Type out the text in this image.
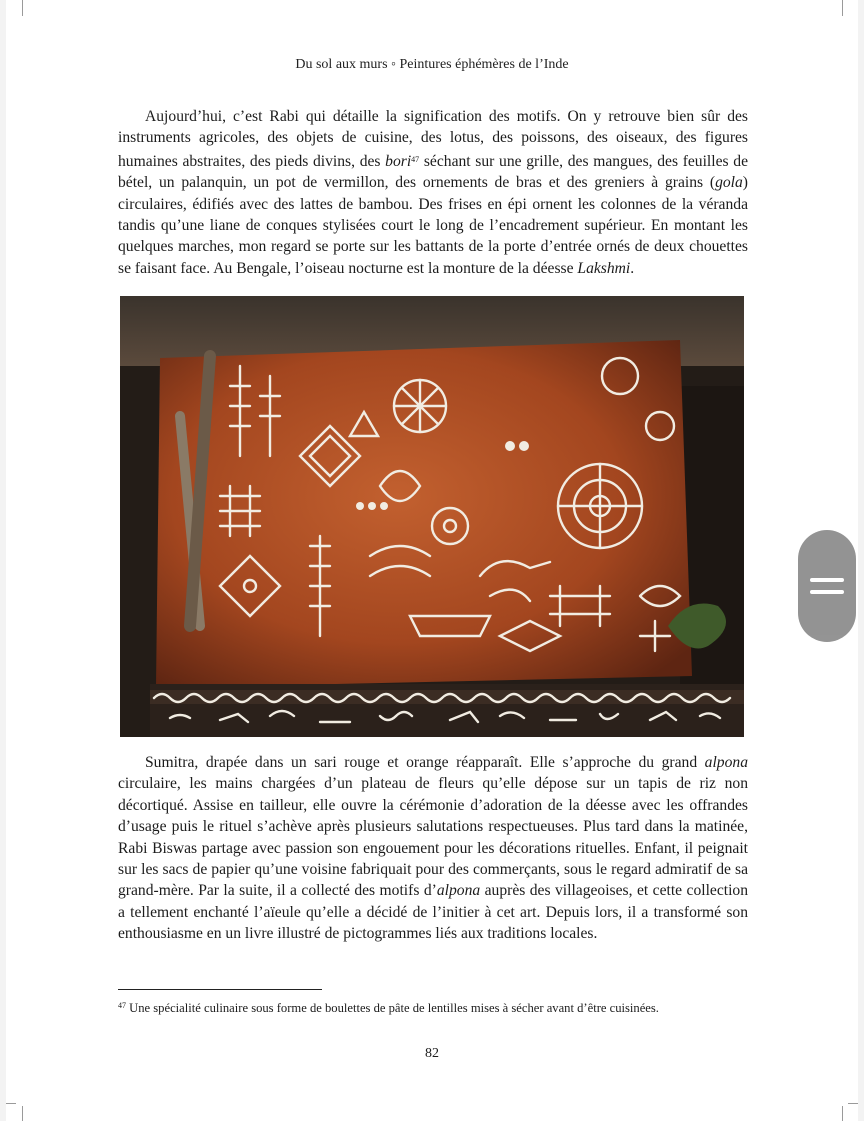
Du sol aux murs ◦ Peintures éphémères de l’Inde

Aujourd’hui, c’est Rabi qui détaille la signification des motifs. On y retrouve bien sûr des instruments agricoles, des objets de cuisine, des lotus, des poissons, des oiseaux, des figures humaines abstraites, des pieds divins, des bori$^{47}$ séchant sur une grille, des mangues, des feuilles de bétel, un palanquin, un pot de vermillon, des ornements de bras et des greniers à grains (gola) circulaires, édifiés avec des lattes de bambou. Des frises en épi ornent les colonnes de la véranda tandis qu’une liane de conques stylisées court le long de l’encadrement supérieur. En montant les quelques marches, mon regard se porte sur les battants de la porte d’entrée ornés de deux chouettes se faisant face. Au Bengale, l’oiseau nocturne est la monture de la déesse Lakshmi.

Sumitra, drapée dans un sari rouge et orange réapparaît. Elle s’approche du grand alpona circulaire, les mains chargées d’un plateau de fleurs qu’elle dépose sur un tapis de riz non décortiqué. Assise en tailleur, elle ouvre la cérémonie d’adoration de la déesse avec les offrandes d’usage puis le rituel s’achève après plusieurs salutations respectueuses. Plus tard dans la matinée, Rabi Biswas partage avec passion son engouement pour les décorations rituelles. Enfant, il peignait sur les sacs de papier qu’une voisine fabriquait pour des commerçants, sous le regard admiratif de sa grand-mère. Par la suite, il a collecté des motifs d’alpona auprès des villageoises, et cette collection a tellement enchanté l’aïeule qu’elle a décidé de l’initier à cet art. Depuis lors, il a transformé son enthousiasme en un livre illustré de pictogrammes liés aux traditions locales.

$^{47}$ Une spécialité culinaire sous forme de boulettes de pâte de lentilles mises à sécher avant d’être cuisinées.
82
